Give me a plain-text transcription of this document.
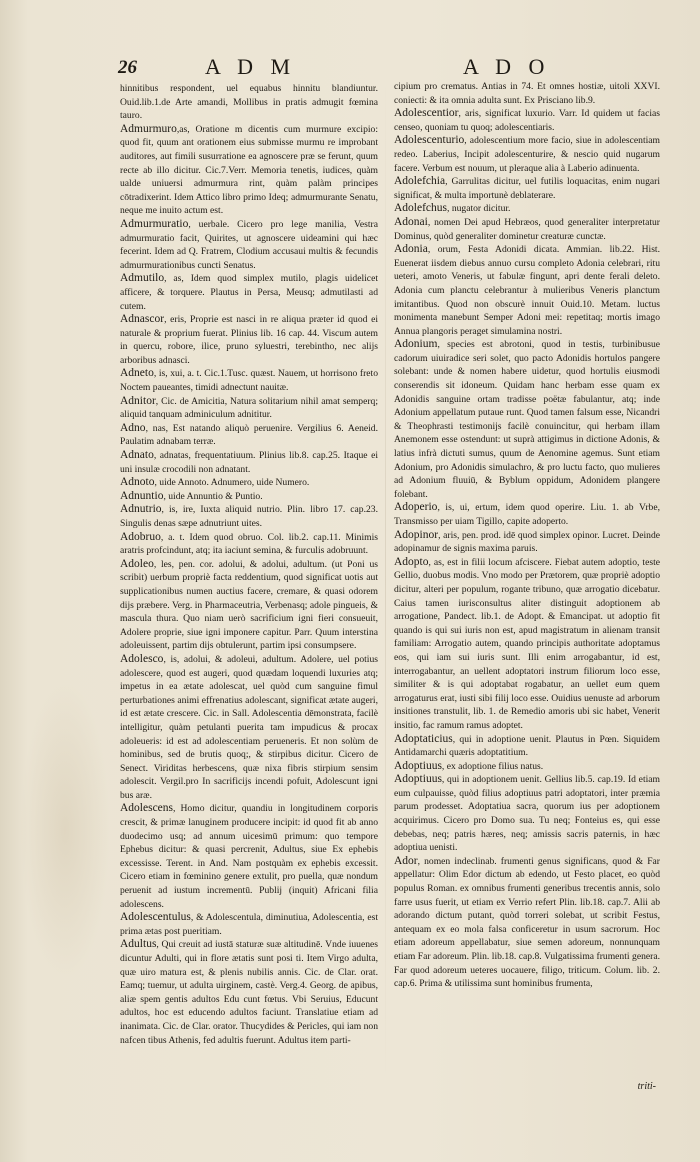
26	A D M	A D O

hinnitibus respondent, uel equabus hinnitu blandiuntur. Ouid.lib.1.de Arte amandi, Mollibus in pratis admugit fœmina tauro.

Admurmuro,as, Oratione m dicentis cum murmure excipio: quod fit, quum ant orationem eius submisse murmu re improbant auditores, aut fimili susurratione ea agnoscere præ se ferunt, quum recte ab illo dicitur. Cic.7.Verr. Memoria tenetis, iudices, quàm ualde uniuersi admurmura rint, quàm palàm principes cōtradixerint. Idem Attico libro primo Ideq; admurmurante Senatu, neque me inuito actum est.

Admurmuratio, uerbale. Cicero pro lege manilia, Vestra admurmuratio facit, Quirites, ut agnoscere uideamini qui hæc fecerint. Idem ad Q. Fratrem, Clodium accusaui multis & fecundis admurmurationibus cuncti Senatus.

Admutilo, as, Idem quod simplex mutilo, plagis uidelicet afficere, & torquere. Plautus in Persa, Meusq; admutilasti ad cutem.

Adnascor, eris, Proprie est nasci in re aliqua præter id quod ei naturale & proprium fuerat. Plinius lib. 16 cap. 44. Viscum autem in quercu, robore, ilice, pruno syluestri, terebintho, nec alijs arboribus adnasci.

Adneto, is, xui, a. t. Cic.1.Tusc. quæst. Nauem, ut horrisono freto Noctem paueantes, timidi adnectunt nauitæ.

Adnitor, Cic. de Amicitia, Natura solitarium nihil amat semperq; aliquid tanquam adminiculum adnititur.

Adno, nas, Est natando aliquò peruenire. Vergilius 6. Aeneid. Paulatim adnabam terræ.

Adnato, adnatas, frequentatiuum. Plinius lib.8. cap.25. Itaque ei uni insulæ crocodili non adnatant.

Adnoto, uide Annoto. Adnumero, uide Numero.

Adnuntio, uide Annuntio & Puntio.

Adnutrio, is, ire, Iuxta aliquid nutrio. Plin. libro 17. cap.23. Singulis denas sæpe adnutriunt uites.

Adobruo, a. t. Idem quod obruo. Col. lib.2. cap.11. Minimis aratris profcindunt, atq; ita iaciunt semina, & furculis adobruunt.

Adoleo, les, pen. cor. adolui, & adolui, adultum. (ut Poni us scribit) uerbum propriè facta reddentium, quod significat uotis aut supplicationibus numen auctius facere, cremare, & quasi odorem dijs præbere. Verg. in Pharmaceutria, Verbenasq; adole pingueis, & mascula thura. Quo niam uerò sacrificium igni fieri consueuit, Adolere proprie, siue igni imponere capitur. Parr. Quum interstina adoleuissent, partim dijs obtulerunt, partim ipsi consumpsere.

Adolesco, is, adolui, & adoleui, adultum. Adolere, uel potius adolescere, quod est augeri, quod quædam loquendi luxuries atq; impetus in ea ætate adolescat, uel quòd cum sanguine fimul perturbationes animi effrenatius adolescant, significat ætate augeri, id est ætate crescere. Cic. in Sall. Adolescentia dēmonstrata, facilè intelligitur, quàm petulanti puerita tam impudicus & procax adoleueris: id est ad adolescentiam perueneris. Et non solùm de hominibus, sed de brutis quoq;, & stirpibus dicitur. Cicero de Senect. Viriditas herbescens, quæ nixa fibris stirpium sensim adolescit. Vergil.pro In sacrificijs incendi pofuit, Adolescunt igni bus aræ.

Adolescens, Homo dicitur, quandiu in longitudinem corporis crescit, & primæ lanuginem producere incipit: id quod fit ab anno duodecimo usq; ad annum uicesimū primum: quo tempore Ephebus dicitur: & quasi percrenit, Adultus, siue Ex ephebis excessisse. Terent. in And. Nam postquàm ex ephebis excessit. Cicero etiam in fœminino genere extulit, pro puella, quæ nondum peruenit ad iustum incrementū. Publij (inquit) Africani filia adolescens.

Adolescentulus, & Adolescentula, diminutiua, Adolescentia, est prima ætas post pueritiam.

Adultus, Qui creuit ad iustā staturæ suæ altitudinē. Vnde iuuenes dicuntur Adulti, qui in flore ætatis sunt posi ti. Item Virgo adulta, quæ uiro matura est, & plenis nubilis annis. Cic. de Clar. orat. Eamq; tuemur, ut adulta uirginem, castè. Verg.4. Georg. de apibus, aliæ spem gentis adultos Edu cunt fœtus. Vbi Seruius, Educunt adultos, hoc est educendo adultos faciunt. Translatiue etiam ad inanimata. Cic. de Clar. orator. Thucydides & Pericles, qui iam non nafcen tibus Athenis, fed adultis fuerunt. Adultus item parti-

cipium pro crematus. Antias in 74. Et omnes hostiæ, uitoli XXVI. coniecti: & ita omnia adulta sunt. Ex Prisciano lib.9.

Adolescentior, aris, significat luxurio. Varr. Id quidem ut facias censeo, quoniam tu quoq; adolescentiaris.

Adolescenturio, adolescentium more facio, siue in adolescentiam redeo. Laberius, Incipit adolescenturire, & nescio quid nugarum facere. Verbum est nouum, ut pleraque alia à Laberio adinuenta.

Adolefchia, Garrulitas dicitur, uel futilis loquacitas, enim nugari significat, & multa importunè deblaterare.

Adolefchus, nugator dicitur.

Adonai, nomen Dei apud Hebræos, quod generaliter interpretatur Dominus, quòd generaliter dominetur creaturæ cunctæ.

Adonia, orum, Festa Adonidi dicata. Ammian. lib.22. Hist. Euenerat iisdem diebus annuo cursu completo Adonia celebrari, ritu ueteri, amoto Veneris, ut fabulæ fingunt, apri dente ferali deleto. Adonia cum planctu celebrantur à mulieribus Veneris planctum imitantibus. Quod non obscurè innuit Ouid.10. Metam. luctus monimenta manebunt Semper Adoni mei: repetitaq; mortis imago Annua plangoris peraget simulamina nostri.

Adonium, species est abrotoni, quod in testis, turbinibusue cadorum uiuiradice seri solet, quo pacto Adonidis hortulos pangere solebant: unde & nomen habere uidetur, quod hortulis eiusmodi conserendis sit idoneum. Quidam hanc herbam esse quam ex Adonidis sanguine ortam tradisse poëtæ fabulantur, atq; inde Adonium appellatum putaue runt. Quod tamen falsum esse, Nicandri & Theophrasti testimonijs facilè conuincitur, qui herbam illam Anemonem esse ostendunt: ut suprà attigimus in dictione Adonis, & latius infrà dictuti sumus, quum de Aenomine agemus. Sunt etiam Adonium, pro Adonidis simulachro, & pro luctu facto, quo mulieres ad Adonium fluuiū, & Byblum oppidum, Adonidem plangere folebant.

Adoperio, is, ui, ertum, idem quod operire. Liu. 1. ab Vrbe, Transmisso per uiam Tigillo, capite adoperto.

Adopinor, aris, pen. prod. idē quod simplex opinor. Lucret. Deinde adopinamur de signis maxima paruis.

Adopto, as, est in filii locum afciscere. Fiebat autem adoptio, teste Gellio, duobus modis. Vno modo per Prætorem, quæ propriè adoptio dicitur, alteri per populum, rogante tribuno, quæ arrogatio dicebatur. Caius tamen iurisconsultus aliter distinguit adoptionem ab arrogatione, Pandect. lib.1. de Adopt. & Emancipat. ut adoptio fit quando is qui sui iuris non est, apud magistratum in alienam transit familiam: Arrogatio autem, quando principis authoritate adoptamus eos, qui iam sui iuris sunt. Illi enim arrogabantur, id est, interrogabantur, an uellent adoptatori instrum filiorum loco esse, similiter & is qui adoptabat rogabatur, an uellet eum quem arrogaturus erat, iusti sibi filij loco esse. Ouidius uenuste ad arborum insitiones transtulit, lib. 1. de Remedio amoris ubi sic habet, Venerit insitio, fac ramum ramus adoptet.

Adoptaticius, qui in adoptione uenit. Plautus in Pœn. Siquidem Antidamarchi quæris adoptatitium.

Adoptiuus, ex adoptione filius natus.

Adoptiuus, qui in adoptionem uenit. Gellius lib.5. cap.19. Id etiam eum culpauisse, quòd filius adoptiuus patri adoptatori, inter præmia parum prodesset. Adoptatiua sacra, quorum ius per adoptionem acquirimus. Cicero pro Domo sua. Tu neq; Fonteius es, qui esse debebas, neq; patris hæres, neq; amissis sacris paternis, in hæc adoptiua uenisti.

Ador, nomen indeclinab. frumenti genus significans, quod & Far appellatur: Olim Edor dictum ab edendo, ut Festo placet, eo quòd populus Roman. ex omnibus frumenti generibus trecentis annis, solo farre usus fuerit, ut etiam ex Verrio refert Plin. lib.18. cap.7. Alii ab adorando dictum putant, quòd torreri solebat, ut scribit Festus, antequam ex eo mola falsa conficeretur in usum sacrorum. Hoc etiam adoreum appellabatur, siue semen adoreum, nonnunquam etiam Far adoreum. Plin. lib.18. cap.8. Vulgatissima frumenti genera. Far quod adoreum ueteres uocauere, filigo, triticum. Colum. lib. 2. cap.6. Prima & utilissima sunt hominibus frumenta,

triti-
